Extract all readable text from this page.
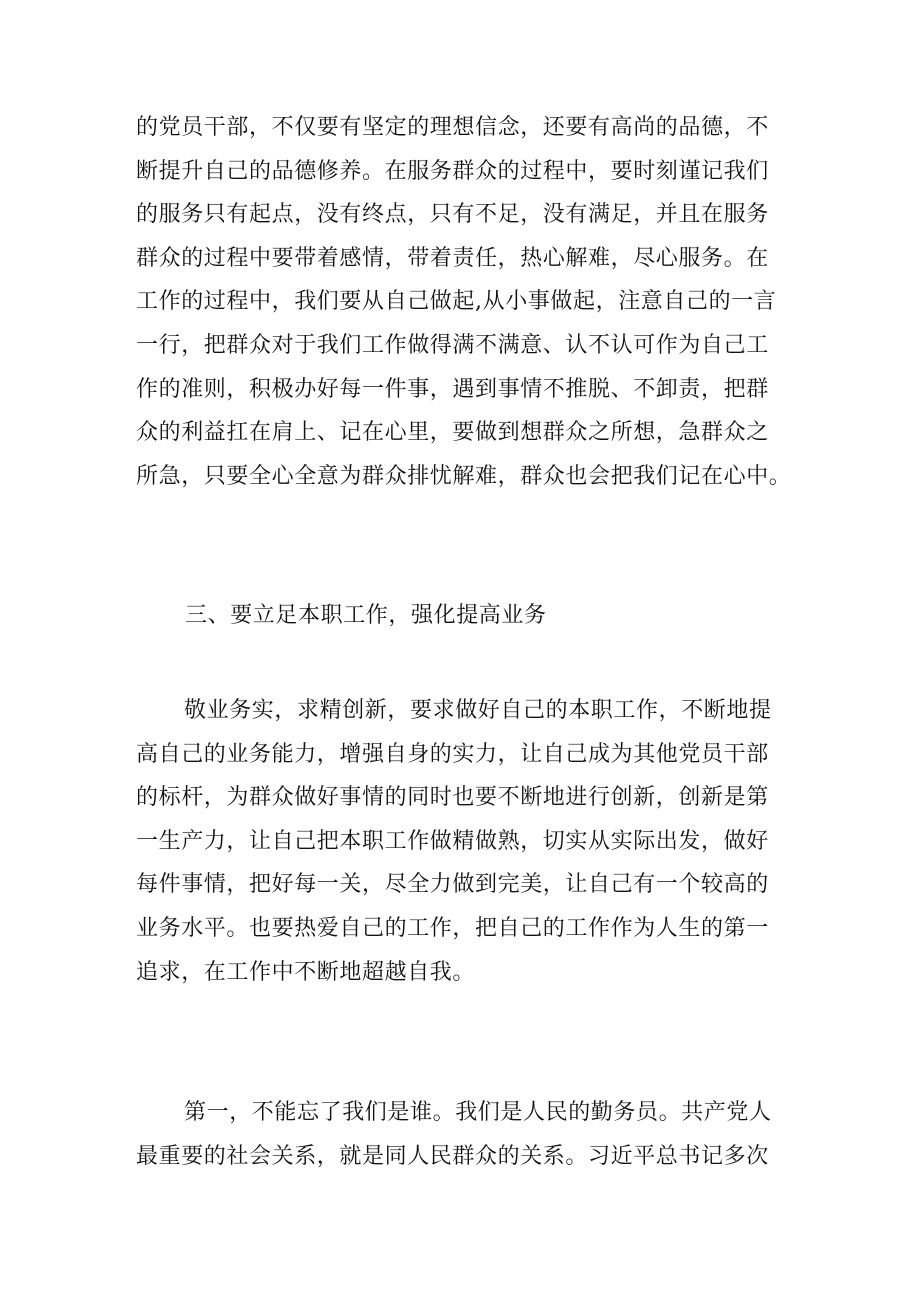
的党员干部，不仅要有坚定的理想信念，还要有高尚的品德，不
断提升自己的品德修养。在服务群众的过程中，要时刻谨记我们
的服务只有起点，没有终点，只有不足，没有满足，并且在服务
群众的过程中要带着感情，带着责任，热心解难，尽心服务。在
工作的过程中，我们要从自己做起,从小事做起，注意自己的一言
一行，把群众对于我们工作做得满不满意、认不认可作为自己工
作的准则，积极办好每一件事，遇到事情不推脱、不卸责，把群
众的利益扛在肩上、记在心里，要做到想群众之所想，急群众之
所急，只要全心全意为群众排忧解难，群众也会把我们记在心中。
三、要立足本职工作，强化提高业务
敬业务实，求精创新，要求做好自己的本职工作，不断地提
高自己的业务能力，增强自身的实力，让自己成为其他党员干部
的标杆，为群众做好事情的同时也要不断地进行创新，创新是第
一生产力，让自己把本职工作做精做熟，切实从实际出发，做好
每件事情，把好每一关，尽全力做到完美，让自己有一个较高的
业务水平。也要热爱自己的工作，把自己的工作作为人生的第一
追求，在工作中不断地超越自我。
第一，不能忘了我们是谁。我们是人民的勤务员。共产党人
最重要的社会关系，就是同人民群众的关系。习近平总书记多次
